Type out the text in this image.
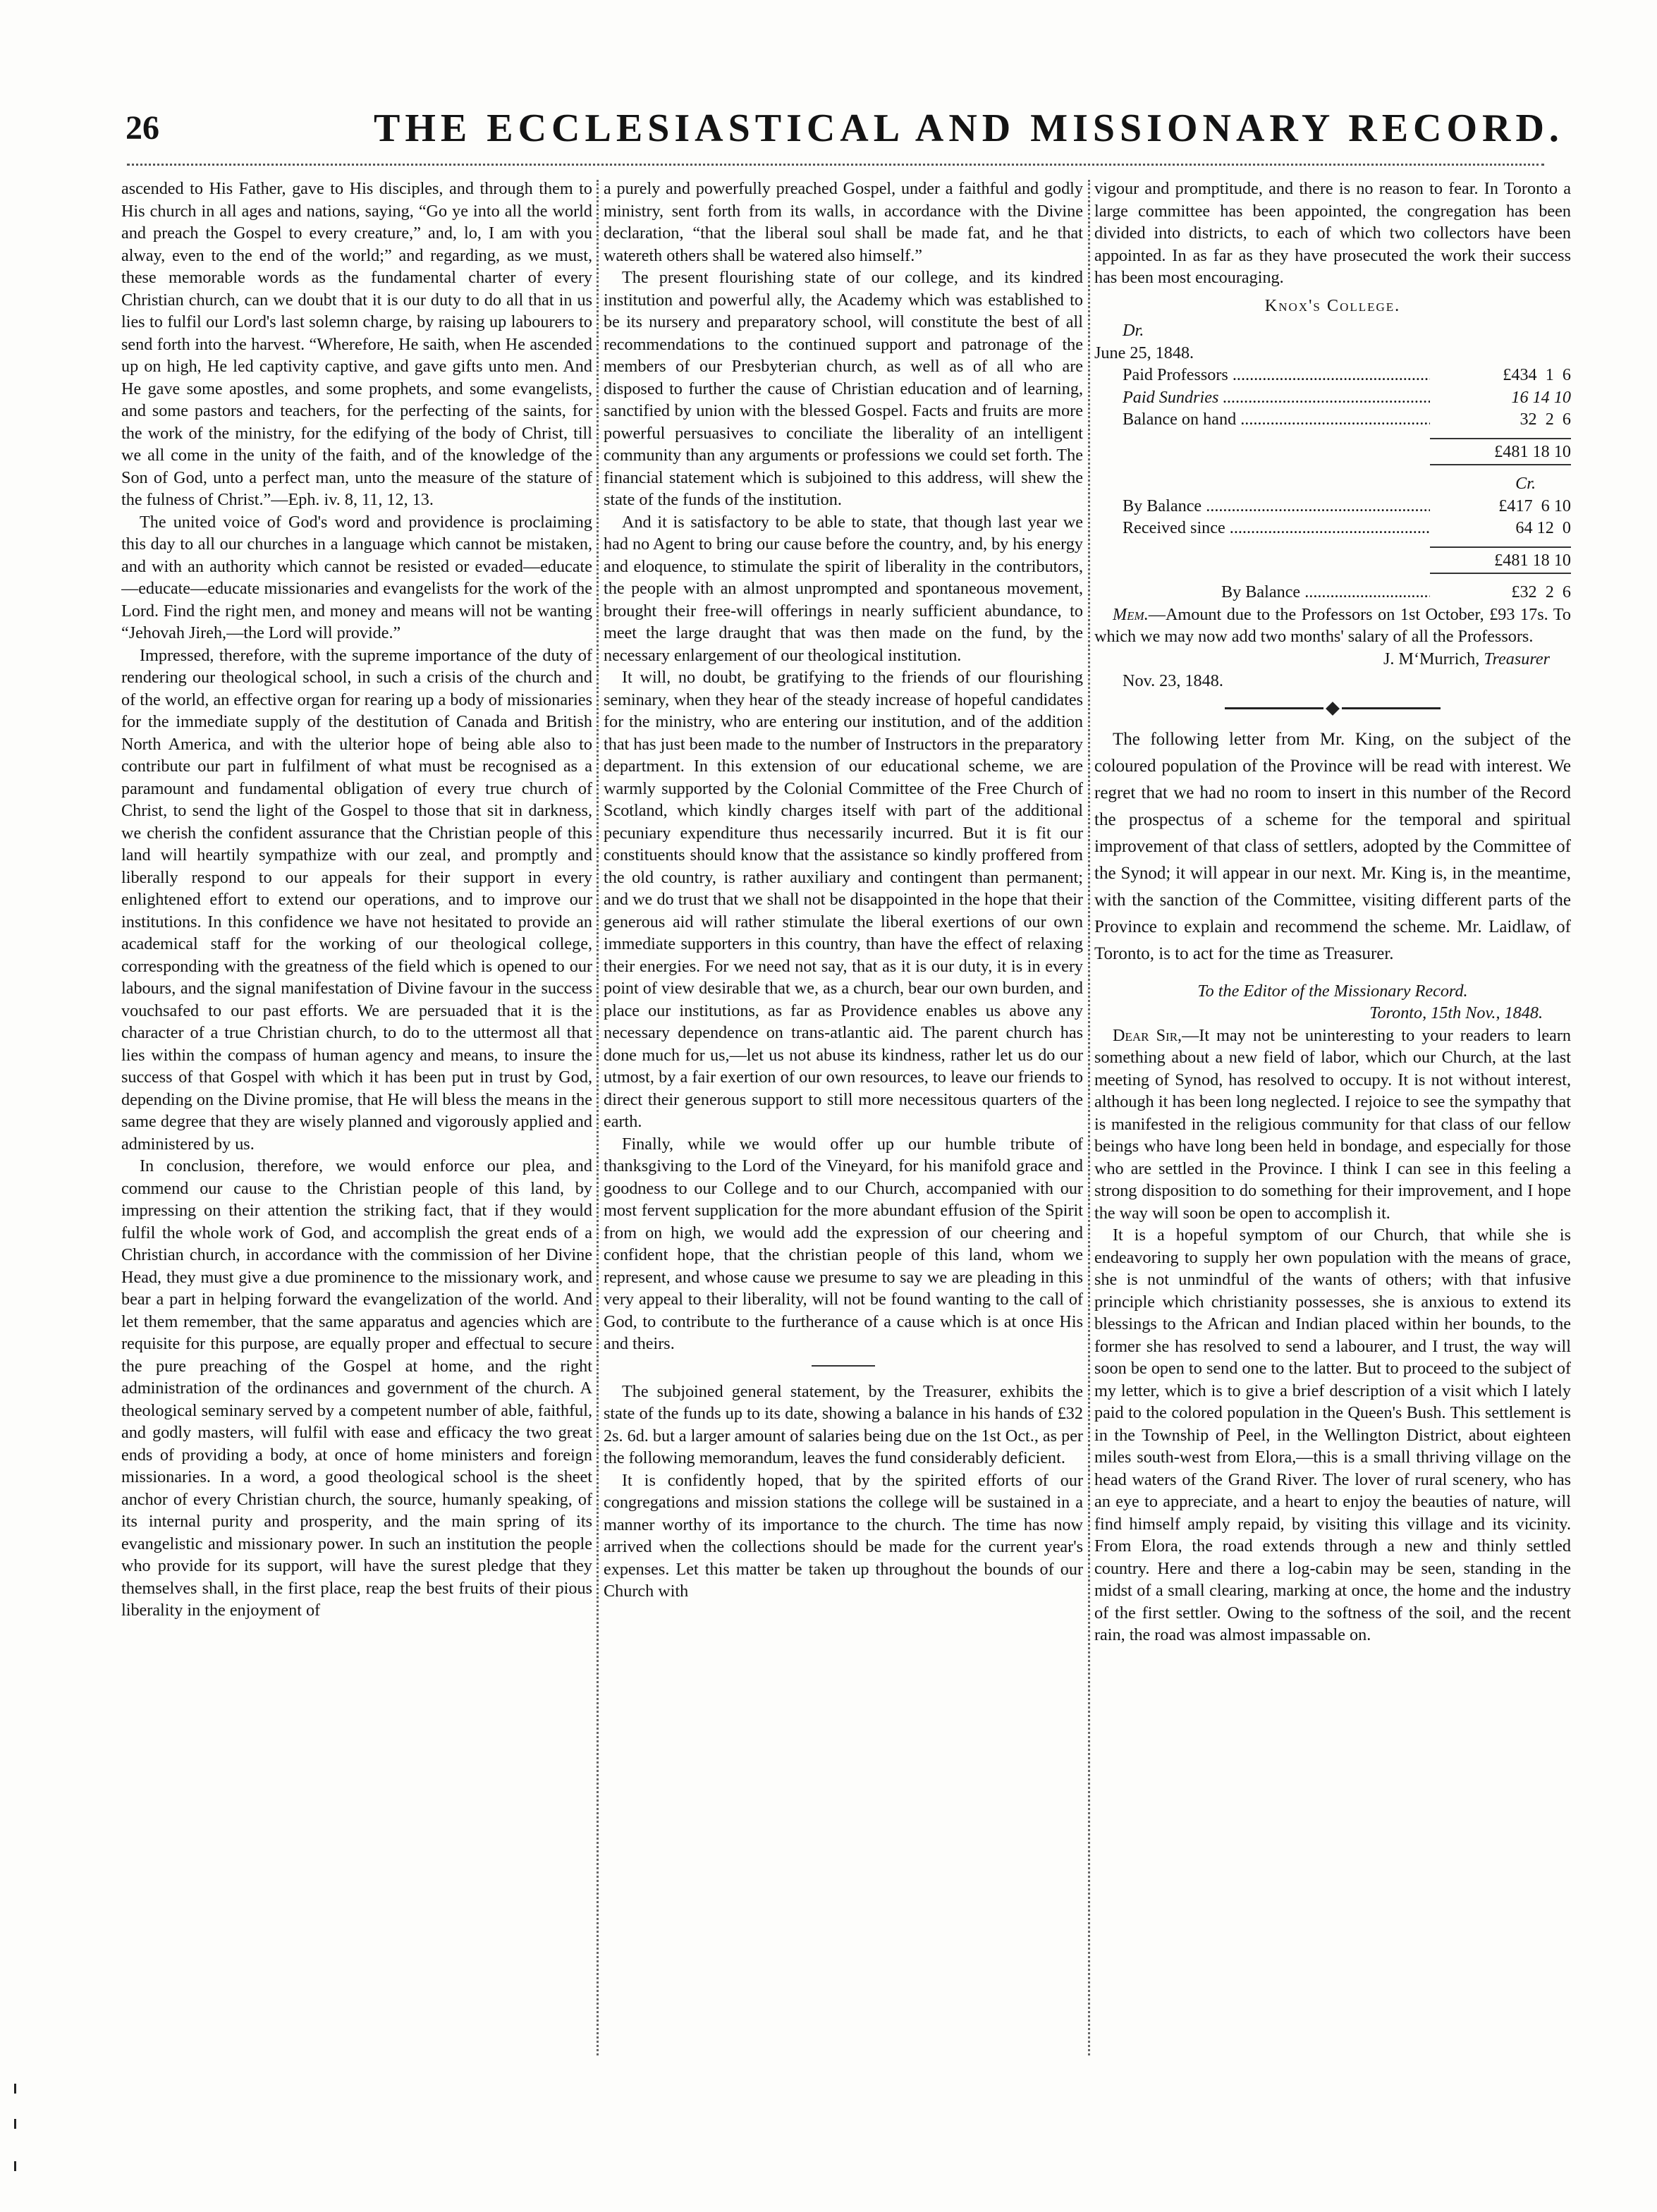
26	THE ECCLESIASTICAL AND MISSIONARY RECORD.

ascended to His Father, gave to His disciples, and through them to His church in all ages and nations, saying, “Go ye into all the world and preach the Gospel to every creature,” and, lo, I am with you alway, even to the end of the world;” and regarding, as we must, these memorable words as the fundamental charter of every Christian church, can we doubt that it is our duty to do all that in us lies to fulfil our Lord's last solemn charge, by raising up labourers to send forth into the harvest. “Wherefore, He saith, when He ascended up on high, He led captivity captive, and gave gifts unto men. And He gave some apostles, and some prophets, and some evangelists, and some pastors and teachers, for the perfecting of the saints, for the work of the ministry, for the edifying of the body of Christ, till we all come in the unity of the faith, and of the knowledge of the Son of God, unto a perfect man, unto the measure of the stature of the fulness of Christ.”—Eph. iv. 8, 11, 12, 13.

The united voice of God's word and providence is proclaiming this day to all our churches in a language which cannot be mistaken, and with an authority which cannot be resisted or evaded—educate—educate—educate missionaries and evangelists for the work of the Lord. Find the right men, and money and means will not be wanting “Jehovah Jireh,—the Lord will provide.”

Impressed, therefore, with the supreme importance of the duty of rendering our theological school, in such a crisis of the church and of the world, an effective organ for rearing up a body of missionaries for the immediate supply of the destitution of Canada and British North America, and with the ulterior hope of being able also to contribute our part in fulfilment of what must be recognised as a paramount and fundamental obligation of every true church of Christ, to send the light of the Gospel to those that sit in darkness, we cherish the confident assurance that the Christian people of this land will heartily sympathize with our zeal, and promptly and liberally respond to our appeals for their support in every enlightened effort to extend our operations, and to improve our institutions. In this confidence we have not hesitated to provide an academical staff for the working of our theological college, corresponding with the greatness of the field which is opened to our labours, and the signal manifestation of Divine favour in the success vouchsafed to our past efforts. We are persuaded that it is the character of a true Christian church, to do to the uttermost all that lies within the compass of human agency and means, to insure the success of that Gospel with which it has been put in trust by God, depending on the Divine promise, that He will bless the means in the same degree that they are wisely planned and vigorously applied and administered by us.

In conclusion, therefore, we would enforce our plea, and commend our cause to the Christian people of this land, by impressing on their attention the striking fact, that if they would fulfil the whole work of God, and accomplish the great ends of a Christian church, in accordance with the commission of her Divine Head, they must give a due prominence to the missionary work, and bear a part in helping forward the evangelization of the world. And let them remember, that the same apparatus and agencies which are requisite for this purpose, are equally proper and effectual to secure the pure preaching of the Gospel at home, and the right administration of the ordinances and government of the church. A theological seminary served by a competent number of able, faithful, and godly masters, will fulfil with ease and efficacy the two great ends of providing a body, at once of home ministers and foreign missionaries. In a word, a good theological school is the sheet anchor of every Christian church, the source, humanly speaking, of its internal purity and prosperity, and the main spring of its evangelistic and missionary power. In such an institution the people who provide for its support, will have the surest pledge that they themselves shall, in the first place, reap the best fruits of their pious liberality in the enjoyment of

a purely and powerfully preached Gospel, under a faithful and godly ministry, sent forth from its walls, in accordance with the Divine declaration, “that the liberal soul shall be made fat, and he that watereth others shall be watered also himself.”

The present flourishing state of our college, and its kindred institution and powerful ally, the Academy which was established to be its nursery and preparatory school, will constitute the best of all recommendations to the continued support and patronage of the members of our Presbyterian church, as well as of all who are disposed to further the cause of Christian education and of learning, sanctified by union with the blessed Gospel. Facts and fruits are more powerful persuasives to conciliate the liberality of an intelligent community than any arguments or professions we could set forth. The financial statement which is subjoined to this address, will shew the state of the funds of the institution.

And it is satisfactory to be able to state, that though last year we had no Agent to bring our cause before the country, and, by his energy and eloquence, to stimulate the spirit of liberality in the contributors, the people with an almost unprompted and spontaneous movement, brought their free-will offerings in nearly sufficient abundance, to meet the large draught that was then made on the fund, by the necessary enlargement of our theological institution.

It will, no doubt, be gratifying to the friends of our flourishing seminary, when they hear of the steady increase of hopeful candidates for the ministry, who are entering our institution, and of the addition that has just been made to the number of Instructors in the preparatory department. In this extension of our educational scheme, we are warmly supported by the Colonial Committee of the Free Church of Scotland, which kindly charges itself with part of the additional pecuniary expenditure thus necessarily incurred. But it is fit our constituents should know that the assistance so kindly proffered from the old country, is rather auxiliary and contingent than permanent; and we do trust that we shall not be disappointed in the hope that their generous aid will rather stimulate the liberal exertions of our own immediate supporters in this country, than have the effect of relaxing their energies. For we need not say, that as it is our duty, it is in every point of view desirable that we, as a church, bear our own burden, and place our institutions, as far as Providence enables us above any necessary dependence on trans-atlantic aid. The parent church has done much for us,—let us not abuse its kindness, rather let us do our utmost, by a fair exertion of our own resources, to leave our friends to direct their generous support to still more necessitous quarters of the earth.

Finally, while we would offer up our humble tribute of thanksgiving to the Lord of the Vineyard, for his manifold grace and goodness to our College and to our Church, accompanied with our most fervent supplication for the more abundant effusion of the Spirit from on high, we would add the expression of our cheering and confident hope, that the christian people of this land, whom we represent, and whose cause we presume to say we are pleading in this very appeal to their liberality, will not be found wanting to the call of God, to contribute to the furtherance of a cause which is at once His and theirs.

The subjoined general statement, by the Treasurer, exhibits the state of the funds up to its date, showing a balance in his hands of £32 2s. 6d. but a larger amount of salaries being due on the 1st Oct., as per the following memorandum, leaves the fund considerably deficient.

It is confidently hoped, that by the spirited efforts of our congregations and mission stations the college will be sustained in a manner worthy of its importance to the church. The time has now arrived when the collections should be made for the current year's expenses. Let this matter be taken up throughout the bounds of our Church with

vigour and promptitude, and there is no reason to fear. In Toronto a large committee has been appointed, the congregation has been divided into districts, to each of which two collectors have been appointed. In as far as they have prosecuted the work their success has been most encouraging.

Knox's College.
Dr.
June 25, 1848.
Paid Professors .....	£434  1  6
Paid Sundries .....	16 14 10
Balance on hand .....	32  2  6
£481 18 10
Cr.
By Balance .....	£417  6 10
Received since .....	64 12  0
£481 18 10
By Balance .....	£32  2  6

Mem.—Amount due to the Professors on 1st October, £93 17s. To which we may now add two months' salary of all the Professors.

J. M‘Murrich, Treasurer
Nov. 23, 1848.

The following letter from Mr. King, on the subject of the coloured population of the Province will be read with interest. We regret that we had no room to insert in this number of the Record the prospectus of a scheme for the temporal and spiritual improvement of that class of settlers, adopted by the Committee of the Synod; it will appear in our next. Mr. King is, in the meantime, with the sanction of the Committee, visiting different parts of the Province to explain and recommend the scheme. Mr. Laidlaw, of Toronto, is to act for the time as Treasurer.

To the Editor of the Missionary Record.
Toronto, 15th Nov., 1848.

Dear Sir,—It may not be uninteresting to your readers to learn something about a new field of labor, which our Church, at the last meeting of Synod, has resolved to occupy. It is not without interest, although it has been long neglected. I rejoice to see the sympathy that is manifested in the religious community for that class of our fellow beings who have long been held in bondage, and especially for those who are settled in the Province. I think I can see in this feeling a strong disposition to do something for their improvement, and I hope the way will soon be open to accomplish it.

It is a hopeful symptom of our Church, that while she is endeavoring to supply her own population with the means of grace, she is not unmindful of the wants of others; with that infusive principle which christianity possesses, she is anxious to extend its blessings to the African and Indian placed within her bounds, to the former she has resolved to send a labourer, and I trust, the way will soon be open to send one to the latter. But to proceed to the subject of my letter, which is to give a brief description of a visit which I lately paid to the colored population in the Queen's Bush. This settlement is in the Township of Peel, in the Wellington District, about eighteen miles south-west from Elora,—this is a small thriving village on the head waters of the Grand River. The lover of rural scenery, who has an eye to appreciate, and a heart to enjoy the beauties of nature, will find himself amply repaid, by visiting this village and its vicinity. From Elora, the road extends through a new and thinly settled country. Here and there a log-cabin may be seen, standing in the midst of a small clearing, marking at once, the home and the industry of the first settler. Owing to the softness of the soil, and the recent rain, the road was almost impassable on.
